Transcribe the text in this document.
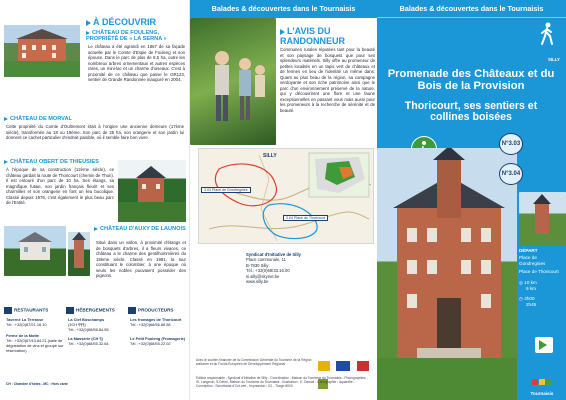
À DÉCOUVRIR
CHÂTEAU DE FOULENG, PROPRIÉTÉ DE « LA SERNA »
Le château a été agrandi en 1867 de sa façade actuelle par le Comte d'Espie de Fouleng et son épouse. Dans le parc de plus de 8,5 ha, outre les nombreux arbres ornementaux et autres espèces rares, un mini-lac et un charme d'oiseaux. C'est à proximité de ce château que passe le GR123, sentier de Grande Randonnée inauguré en 2004.
CHÂTEAU DE MORVAL
Cette propriété du Comte d'Oultremont était à l'origine une ancienne demeure (17ème siècle), transformée au 18 ou 19ème. Son parc de 25 ha, son orangerie et son jardin lui donnent ce cachet particulier d'endroit paisible, où il semble faire bon vivre.
CHÂTEAU OBERT DE THIEUSIES
À l'époque de sa construction (12ème siècle), ce château gardait la route de Thoricourt (chemin de Thun). Il est entouré d'un parc de 10 ha. Ses étangs, sa magnifique futaie, son jardin français fleurit et ses charmilles et son orangerie en font un lieu bucolique. Classé depuis 1976, c'est également le plus beau parc de l'Entité.
CHÂTEAU D'AUXY DE LAUNOIS
Situé dans un vallon, à proximité d'étangs et de bosquets d'arbres, il a fleurs vivaces, ce château a le charme des gentilhommières du 18ème siècle. Classé en 1981, la tour constituant le colombier, à une époque où seuls les nobles pouvaient posséder des pigeons.
RESTAURANTS	HÉBERGEMENTS	PRODUCTEURS
Taverne La Terrasse
Tél.: +32(0)67/21.16.10
Ferme de la Motte
Tél.: +32(0)67/43.84.21 (salle de dégustation de vins et groupe sur réservation)
La Clef Boschamps
(3CH ¶¶¶)
Tél.: +32(0)68/56.84.55
La Masserie (CH ¶)
Tél.: +32(0)68/55.32.64
Les fromages de Thoricourt
Tél.: +32(0)68/56.86.58
Le Petit Fouleng (Fromagerie)
Tél.: +32(0)68/55.22.02
CH : Chambre d'hôtes - MC : Hors carte
Balades & découvertes dans le Tournaisis
L'AVIS DU RANDONNEUR
Communes rurales réputées tant pour la beauté et son paysage de bosquets que pour ses splendeurs matériels. Silly offre au promeneur de petites localités en un tapis vert de châteaux et de fermes en lieu de l'identité un même dans. Quant au plus beau de la région, sa campagne verdoyante et son riche patrimoine ainsi que le parc d'un environnement préservé de la nature, qui y découvrirent une flore et une faune exceptionnelles en passant vous mais aussi pour les promeneurs à la recherche de sérénité et de beauté.
SILLY
3.03 Place de Gondregnies
3.04 Place de Thoricourt
Syndicat d'Initiative de Silly
Place communale, 11
B-7830 Silly
Tél.: +32(0)68/33.16.00
si.silly@skynet.be
www.silly.be
Avec le soutien financier de la Commission Générale du Tourisme de la Région wallonne et du Fonds Européen de Développement Régional

Édition responsable : Syndicat d'Initiative de Silly - Coordination : Maison du Tourisme du Tournaisis - Photographies : SI, Langevin, S.Deleu, Maison du Tourisme du Tournaisis - Illustration : E. Dewolf - Cartographie : Aquarelle - Conception : Secrétariat d'Cet vert - Impression : ICI - Tirage 8000
Balades & découvertes dans le Tournaisis
SILLY
Promenade des Châteaux et du Bois de la Provision
Thoricourt, ses sentiers et collines boisées
N°3.03
N°3.04
DÉPART
Place de Gondregnies
Place de Thoricourt
◎ 10 km
9 km
◷ 3h00
2h45
Tournaisis
